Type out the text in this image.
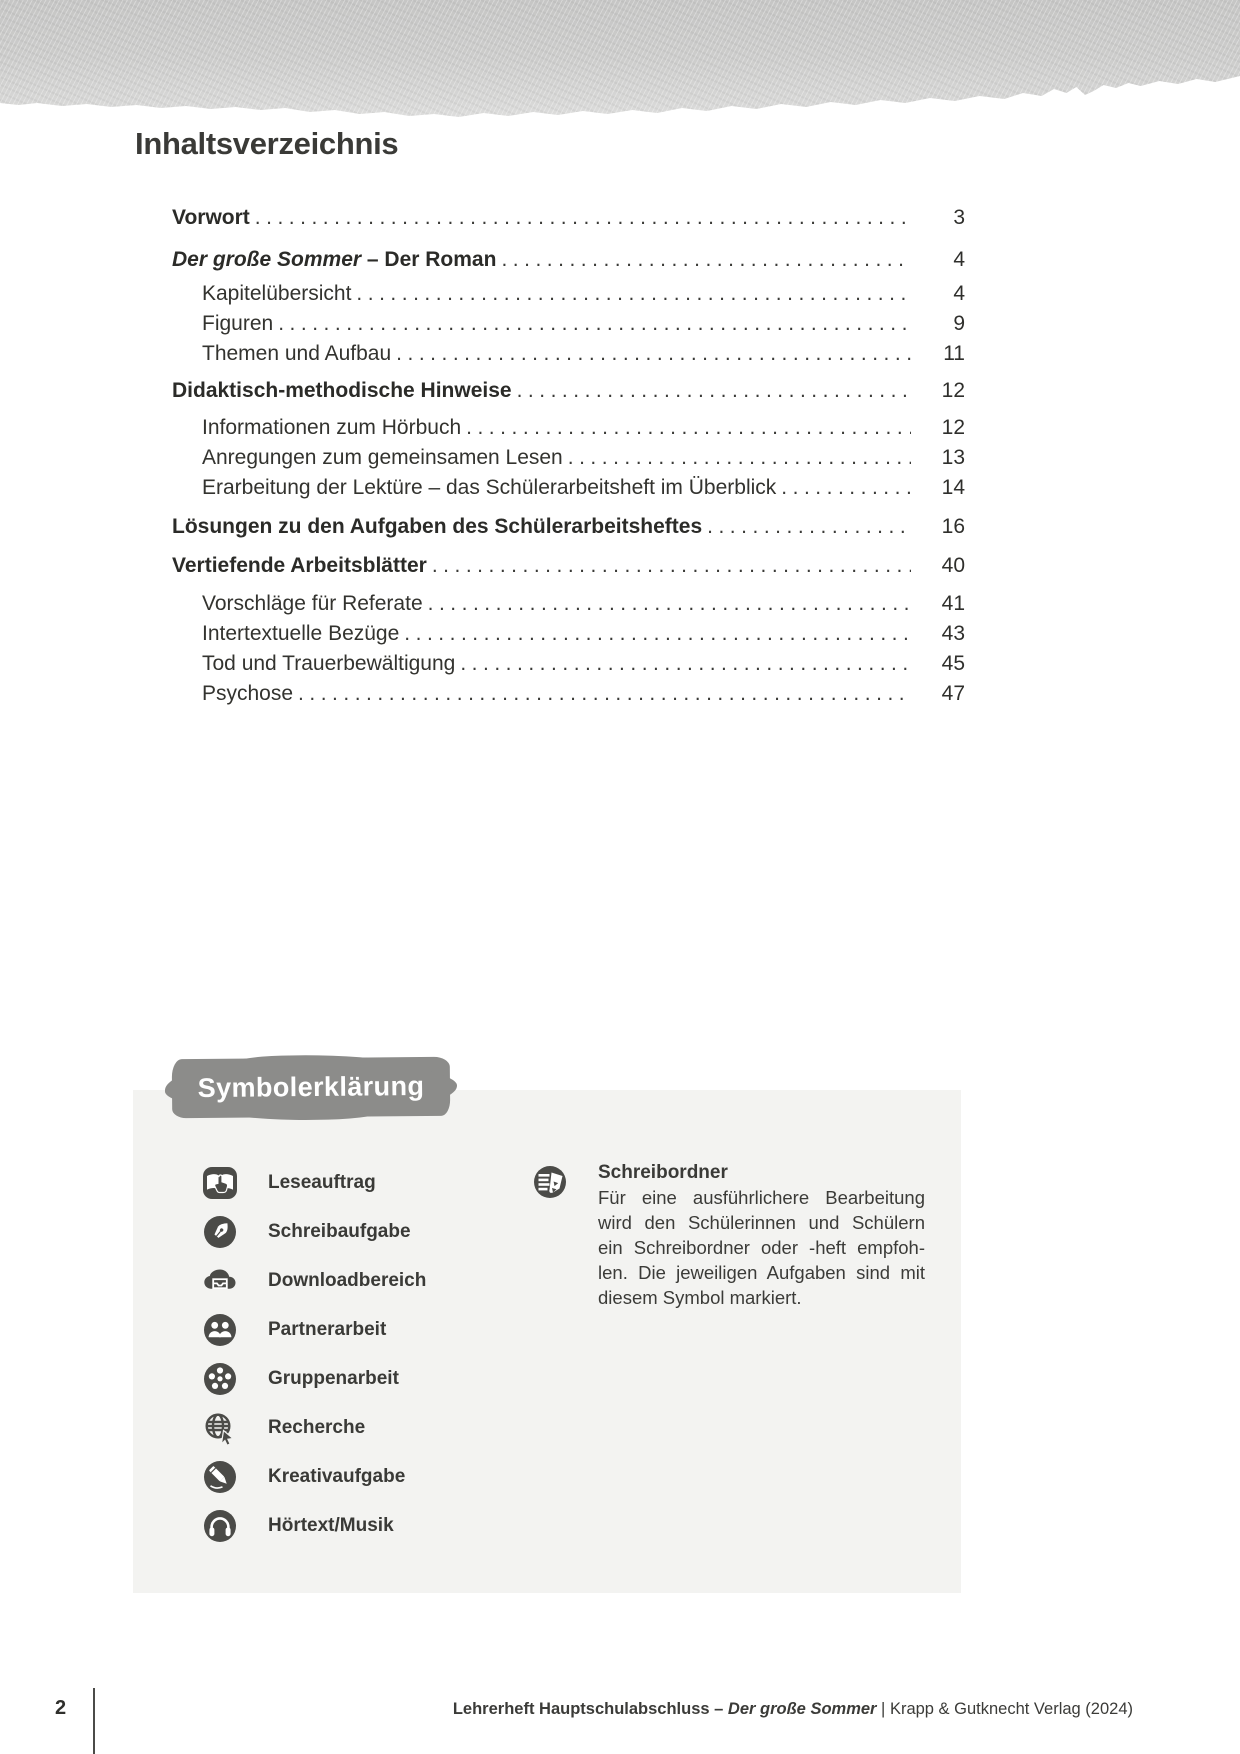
Inhaltsverzeichnis
Vorwort .....	3
Der große Sommer – Der Roman .....	4
Kapitelübersicht .....	4
Figuren .....	9
Themen und Aufbau .....	11
Didaktisch-methodische Hinweise .....	12
Informationen zum Hörbuch .....	12
Anregungen zum gemeinsamen Lesen .....	13
Erarbeitung der Lektüre – das Schülerarbeitsheft im Überblick .....	14
Lösungen zu den Aufgaben des Schülerarbeitsheftes .....	16
Vertiefende Arbeitsblätter .....	40
Vorschläge für Referate .....	41
Intertextuelle Bezüge .....	43
Tod und Trauerbewältigung .....	45
Psychose .....	47
Symbolerklärung
Leseauftrag
Schreibaufgabe
Downloadbereich
Partnerarbeit
Gruppenarbeit
Recherche
Kreativaufgabe
Hörtext/Musik
Schreibordner
Für eine ausführlichere Bearbeitung wird den Schülerinnen und Schülern ein Schreibordner oder -heft empfohlen. Die jeweiligen Aufgaben sind mit diesem Symbol markiert.
2	Lehrerheft Hauptschulabschluss – Der große Sommer | Krapp & Gutknecht Verlag (2024)
